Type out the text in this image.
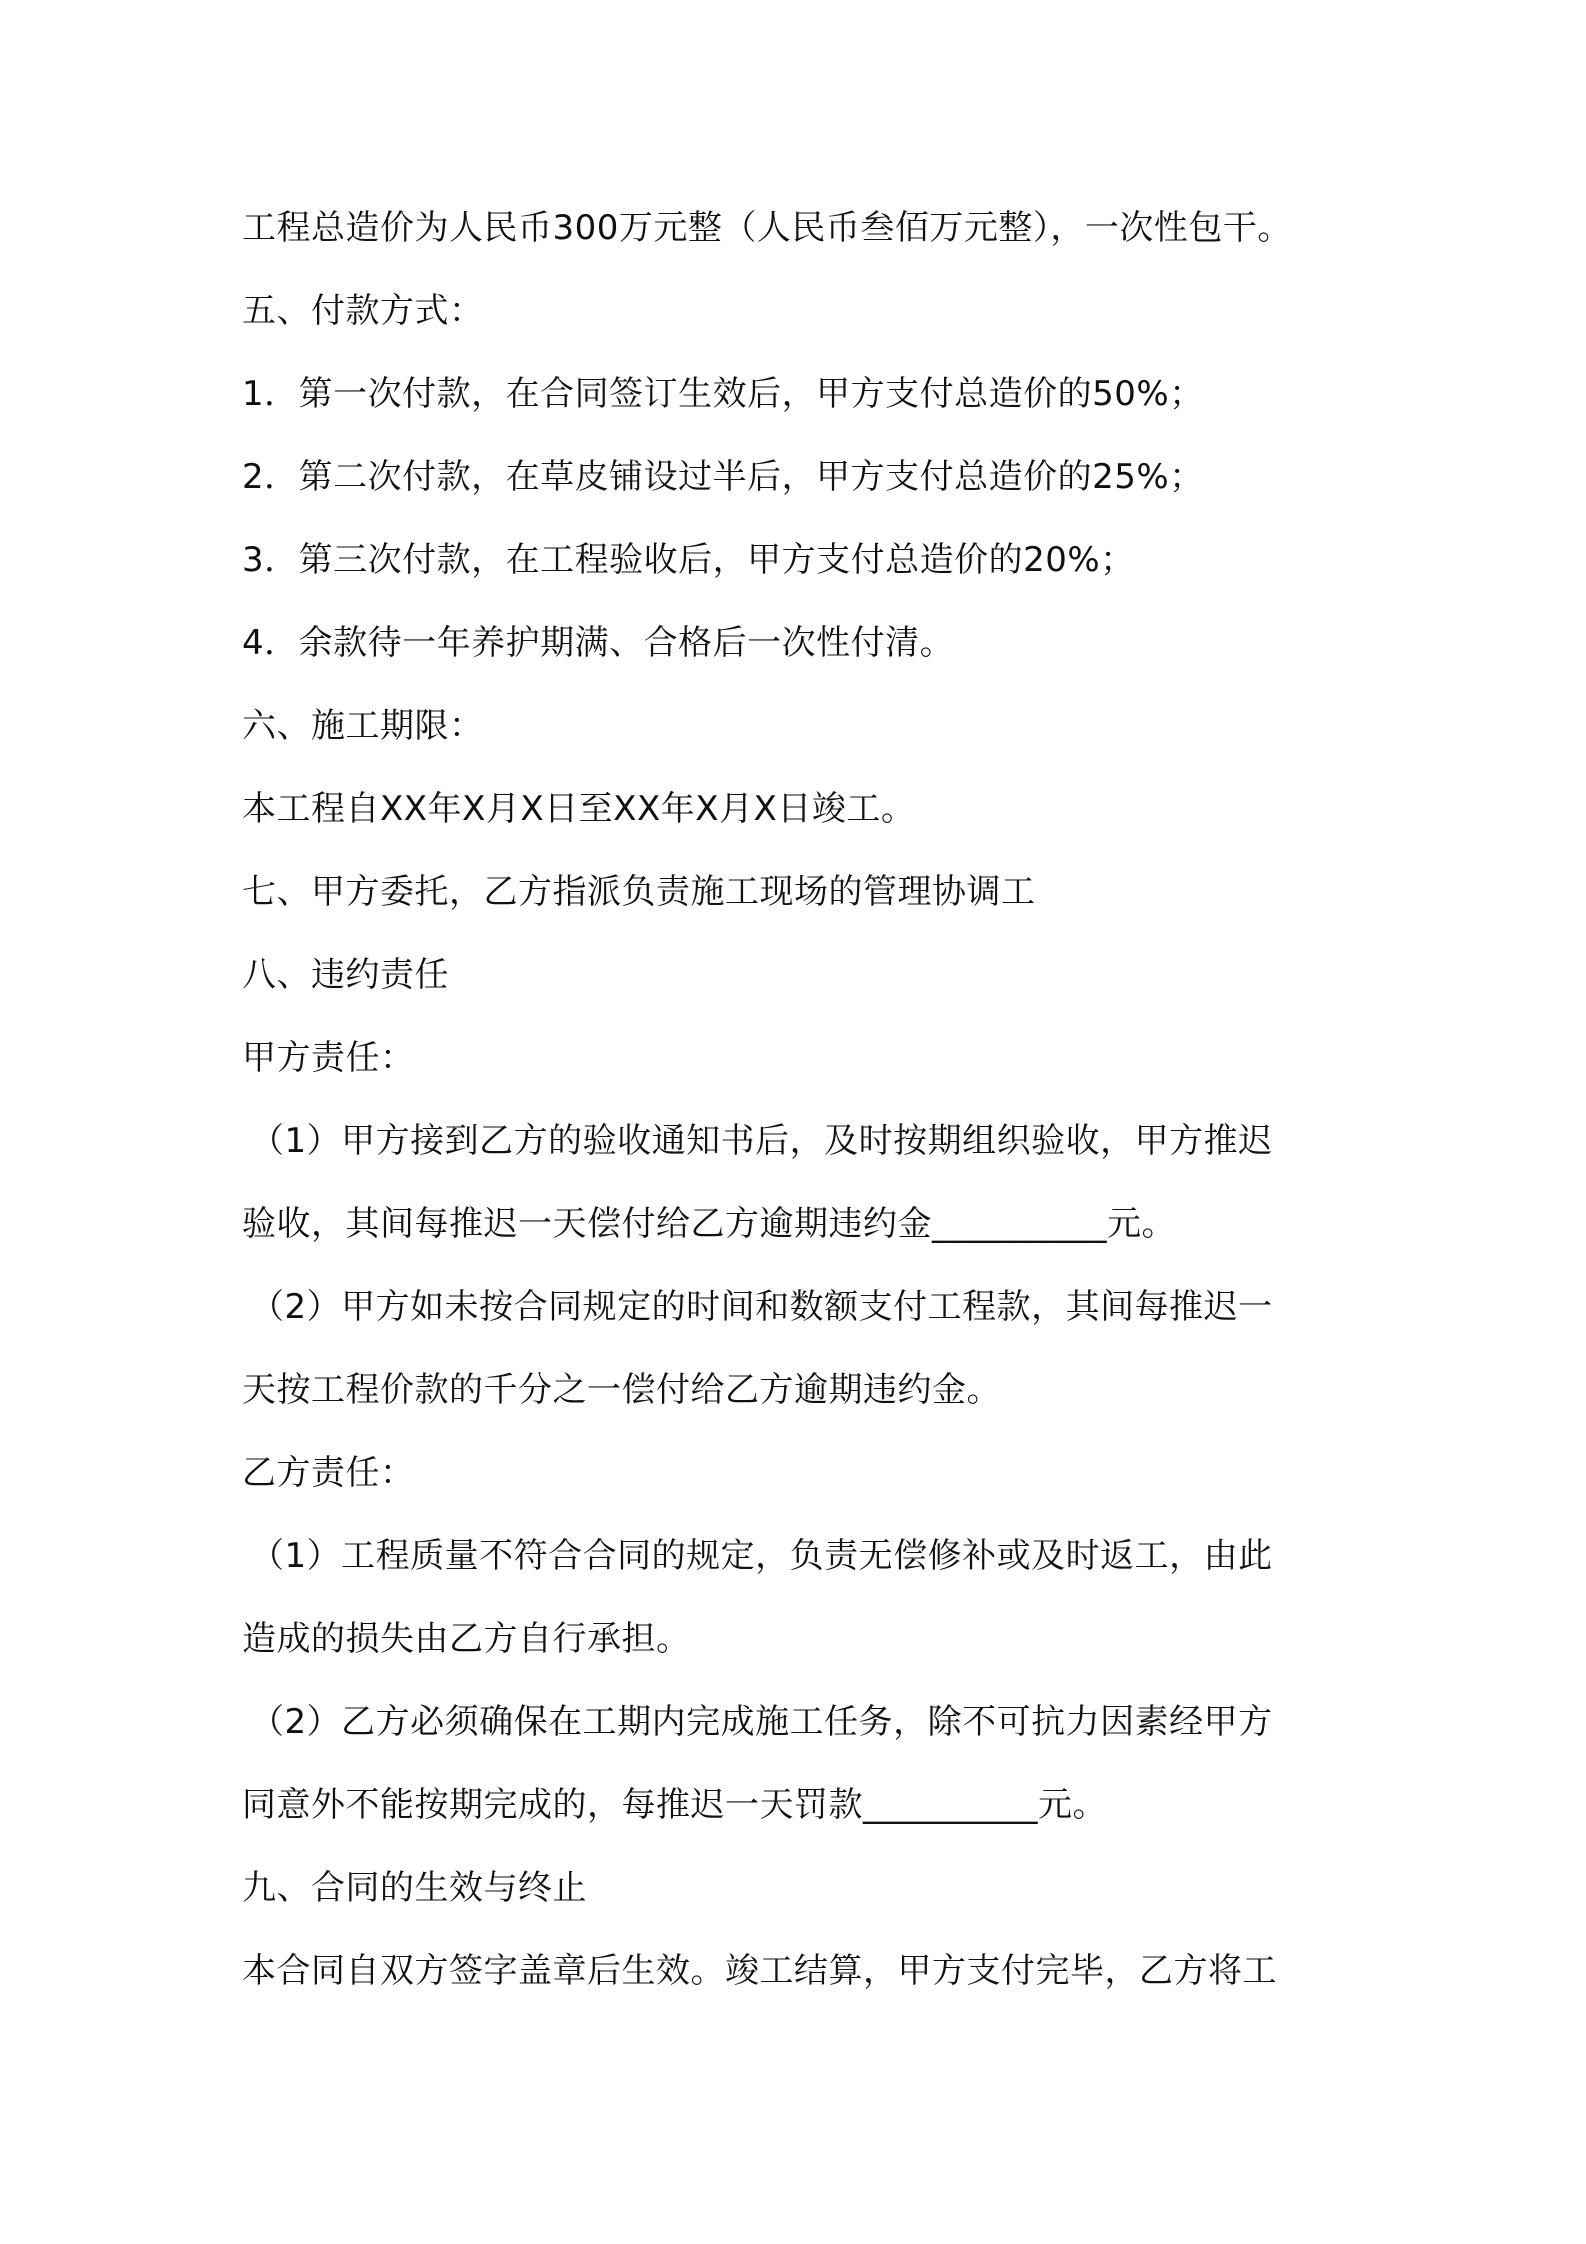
工程总造价为人民币300万元整（人民币叁佰万元整），一次性包干。
五、付款方式：
1．第一次付款，在合同签订生效后，甲方支付总造价的50%；
2．第二次付款，在草皮铺设过半后，甲方支付总造价的25%；
3．第三次付款，在工程验收后，甲方支付总造价的20%；
4．余款待一年养护期满、合格后一次性付清。
六、施工期限：
本工程自XX年X月X日至XX年X月X日竣工。
七、甲方委托，乙方指派负责施工现场的管理协调工
八、违约责任
甲方责任：
（1）甲方接到乙方的验收通知书后，及时按期组织验收，甲方推迟
验收，其间每推迟一天偿付给乙方逾期违约金__________元。
（2）甲方如未按合同规定的时间和数额支付工程款，其间每推迟一
天按工程价款的千分之一偿付给乙方逾期违约金。
乙方责任：
（1）工程质量不符合合同的规定，负责无偿修补或及时返工，由此
造成的损失由乙方自行承担。
（2）乙方必须确保在工期内完成施工任务，除不可抗力因素经甲方
同意外不能按期完成的，每推迟一天罚款__________元。
九、合同的生效与终止
本合同自双方签字盖章后生效。竣工结算，甲方支付完毕，乙方将工
